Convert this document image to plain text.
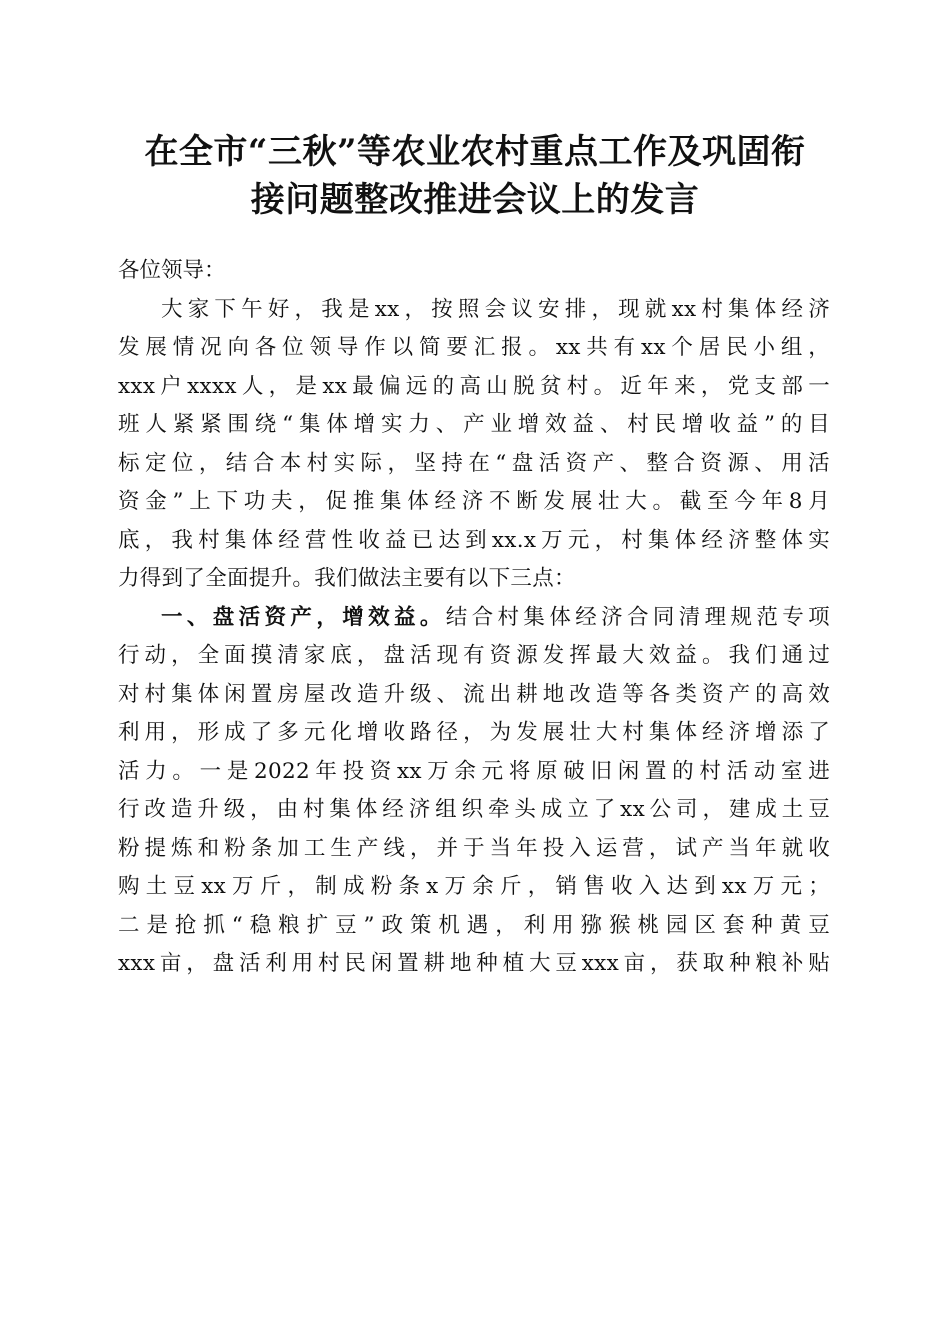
在全市“三秋”等农业农村重点工作及巩固衔
接问题整改推进会议上的发言
各位领导：
大家下午好，我是xx，按照会议安排，现就xx村集体经济
发展情况向各位领导作以简要汇报。xx共有xx个居民小组，
xxx户xxxx人，是xx最偏远的高山脱贫村。近年来，党支部一
班人紧紧围绕“集体增实力、产业增效益、村民增收益”的目
标定位，结合本村实际，坚持在“盘活资产、整合资源、用活
资金”上下功夫，促推集体经济不断发展壮大。截至今年8月
底，我村集体经营性收益已达到xx.x万元，村集体经济整体实
力得到了全面提升。我们做法主要有以下三点：
一、盘活资产，增效益。结合村集体经济合同清理规范专项
行动，全面摸清家底，盘活现有资源发挥最大效益。我们通过
对村集体闲置房屋改造升级、流出耕地改造等各类资产的高效
利用，形成了多元化增收路径，为发展壮大村集体经济增添了
活力。一是2022年投资xx万余元将原破旧闲置的村活动室进
行改造升级，由村集体经济组织牵头成立了xx公司，建成土豆
粉提炼和粉条加工生产线，并于当年投入运营，试产当年就收
购土豆xx万斤，制成粉条x万余斤，销售收入达到xx万元；
二是抢抓“稳粮扩豆”政策机遇，利用猕猴桃园区套种黄豆
xxx亩，盘活利用村民闲置耕地种植大豆xxx亩，获取种粮补贴
